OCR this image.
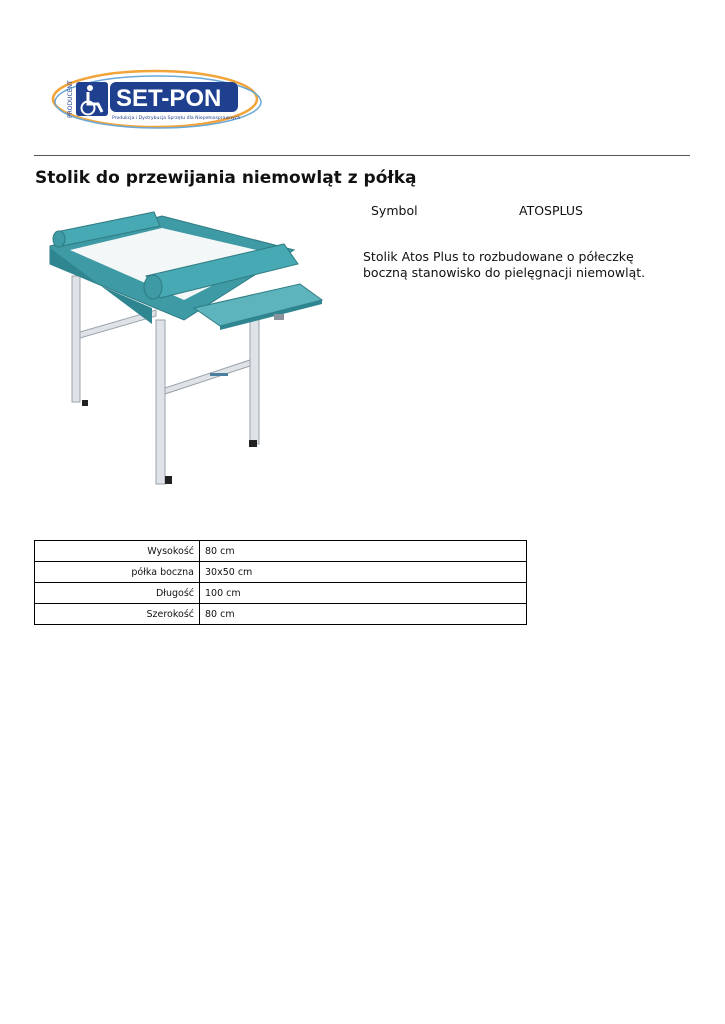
PRODUCENT SET-PON
Produkcja i Dystrybucja Sprzętu dla Niepełnosprawnych
Stolik do przewijania niemowląt z półką
Symbol	ATOSPLUS

Stolik Atos Plus to rozbudowane o półeczkę boczną stanowisko do pielęgnacji niemowląt.

Wysokość	80 cm
półka boczna	30x50 cm
Długość	100 cm
Szerokość	80 cm
